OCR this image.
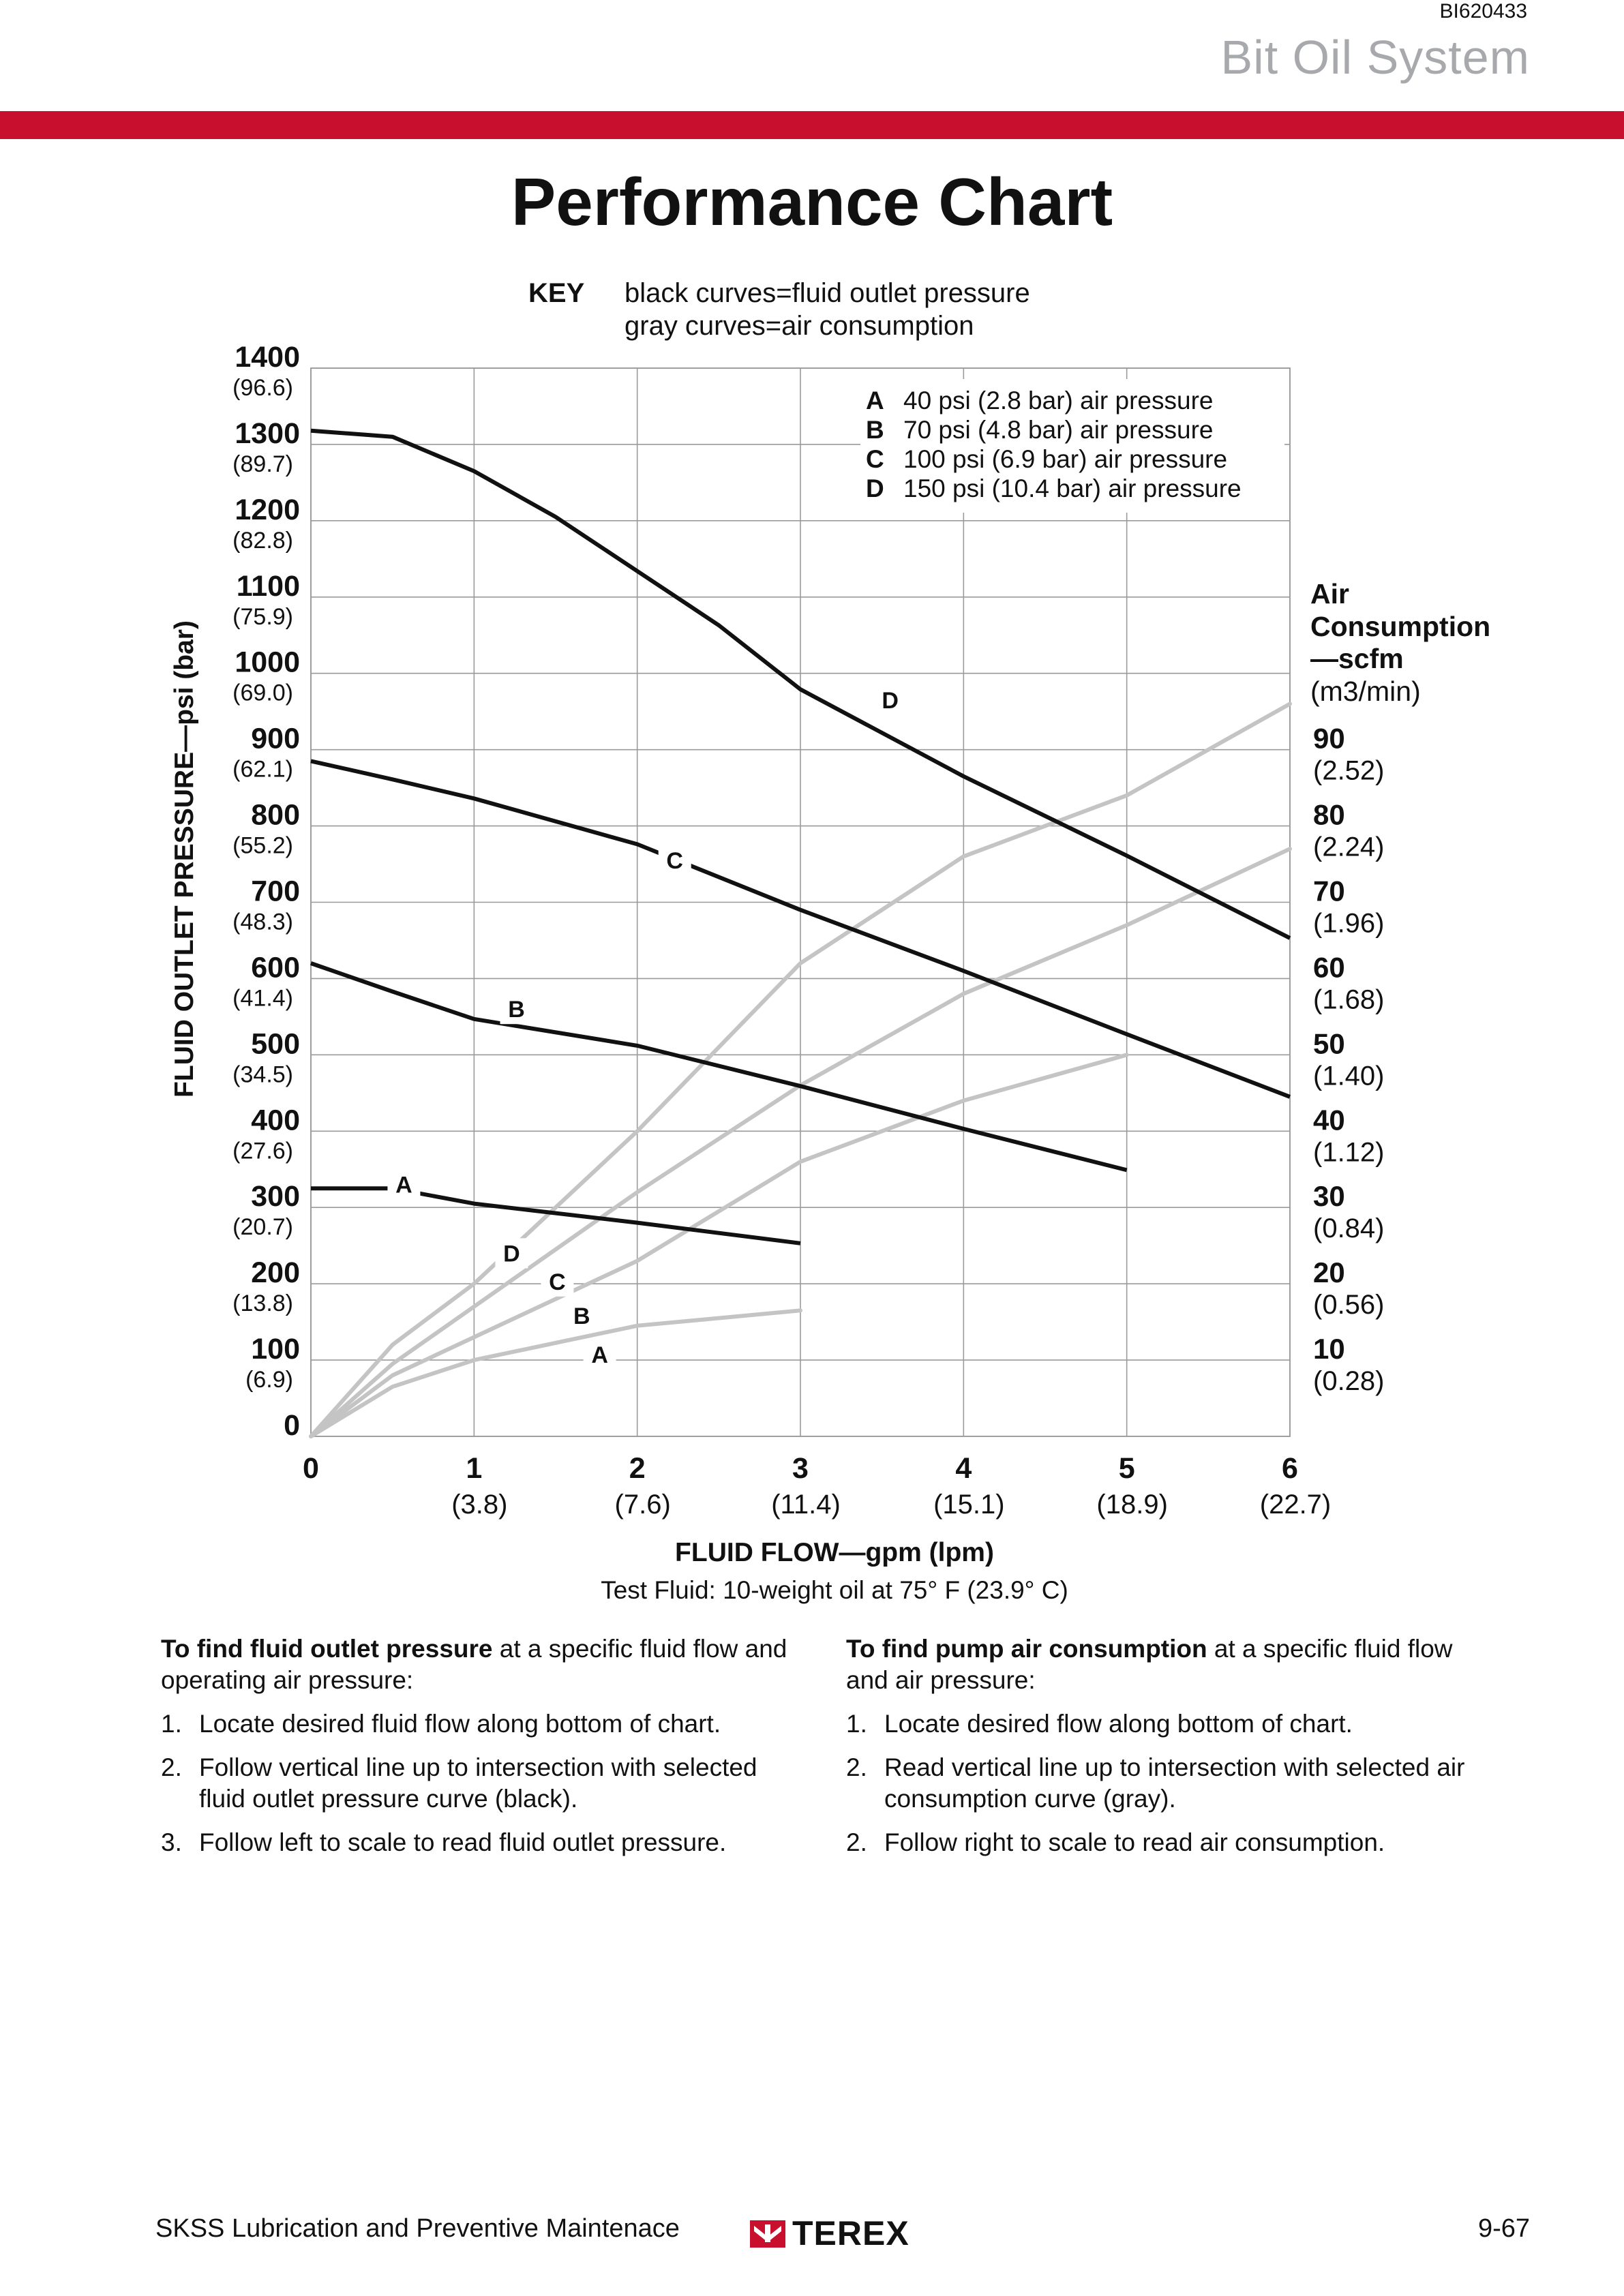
BI620433
Bit Oil System
Performance Chart
KEY black curves=fluid outlet pressure
gray curves=air consumption
A
B
C
D
D
C
B
A
A 40 psi (2.8 bar) air pressure
B 70 psi (4.8 bar) air pressure
C 100 psi (6.9 bar) air pressure
D 150 psi (10.4 bar) air pressure
0
100
(6.9)
200
(13.8)
300
(20.7)
400
(27.6)
500
(34.5)
600
(41.4)
700
(48.3)
800
(55.2)
900
(62.1)
1000
(69.0)
1100
(75.9)
1200
(82.8)
1300
(89.7)
1400
(96.6)
10
(0.28)
20
(0.56)
30
(0.84)
40
(1.12)
50
(1.40)
60
(1.68)
70
(1.96)
80
(2.24)
90
(2.52)
0	1
(3.8)
2
(7.6)
3
(11.4)
4
(15.1)
5
(18.9)
6
(22.7)
FLUID FLOW—gpm (lpm)
Test Fluid: 10-weight oil at 75° F (23.9° C)
FLUID OUTLET PRESSURE—psi (bar)
Air
Consumption
—scfm
(m3/min)

To find fluid outlet pressure at a specific fluid flow and operating air pressure:

1. Locate desired fluid flow along bottom of chart.
2. Follow vertical line up to intersection with selected fluid outlet pressure curve (black).
3. Follow left to scale to read fluid outlet pressure.

To find pump air consumption at a specific fluid flow and air pressure:

1. Locate desired flow along bottom of chart.
2. Read vertical line up to intersection with selected air consumption curve (gray).
2. Follow right to scale to read air consumption.
SKSS Lubrication and Preventive Maintenace	TEREX	9-67
